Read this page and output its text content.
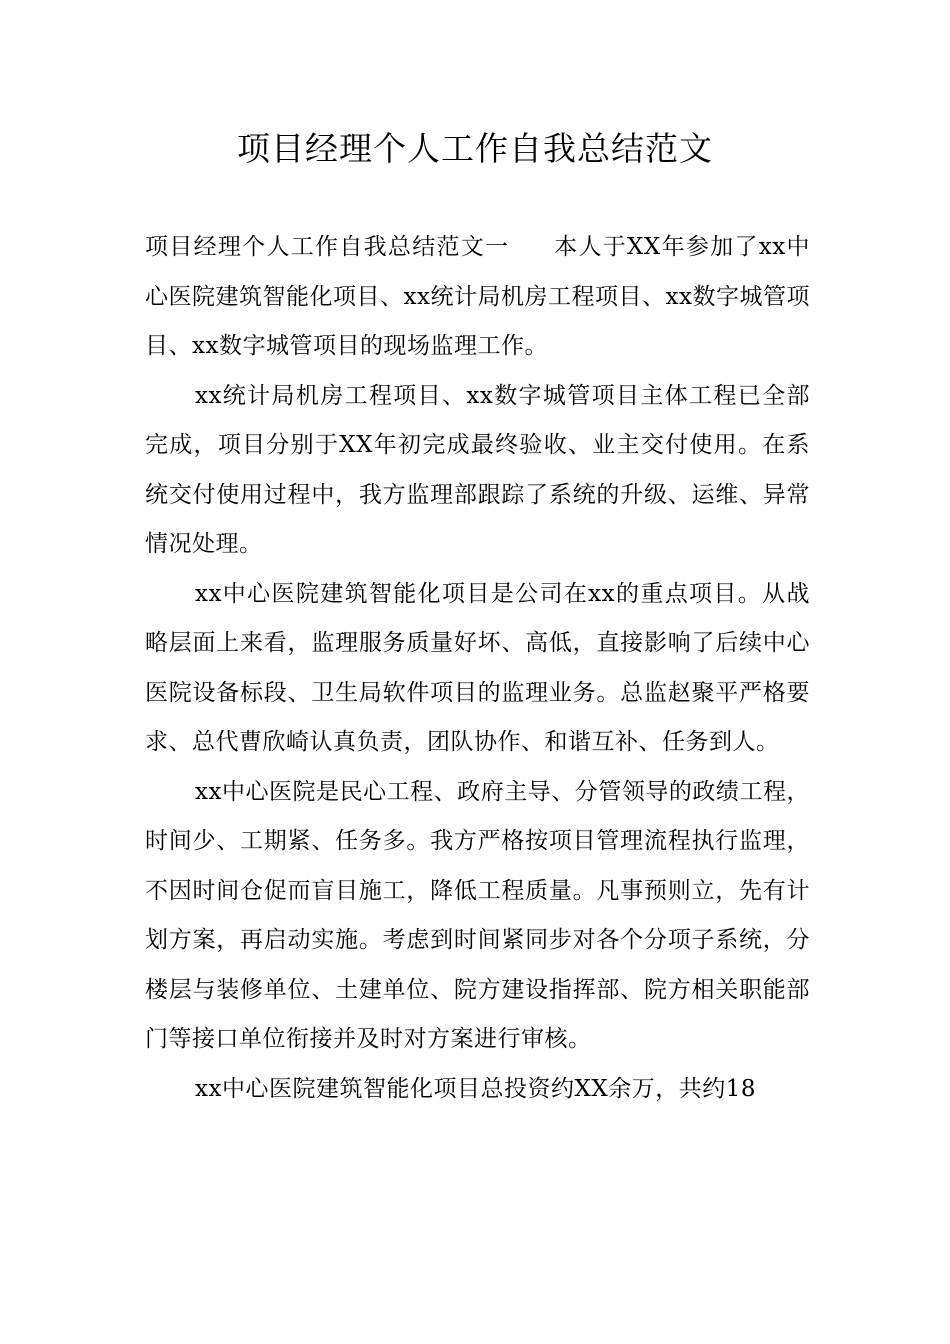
项目经理个人工作自我总结范文

项目经理个人工作自我总结范文一 本人于XX年参加了xx中心医院建筑智能化项目、xx统计局机房工程项目、xx数字城管项目、xx数字城管项目的现场监理工作。

xx统计局机房工程项目、xx数字城管项目主体工程已全部完成，项目分别于XX年初完成最终验收、业主交付使用。在系统交付使用过程中，我方监理部跟踪了系统的升级、运维、异常情况处理。

xx中心医院建筑智能化项目是公司在xx的重点项目。从战略层面上来看，监理服务质量好坏、高低，直接影响了后续中心医院设备标段、卫生局软件项目的监理业务。总监赵聚平严格要求、总代曹欣崎认真负责，团队协作、和谐互补、任务到人。

xx中心医院是民心工程、政府主导、分管领导的政绩工程，时间少、工期紧、任务多。我方严格按项目管理流程执行监理，不因时间仓促而盲目施工，降低工程质量。凡事预则立，先有计划方案，再启动实施。考虑到时间紧同步对各个分项子系统，分楼层与装修单位、土建单位、院方建设指挥部、院方相关职能部门等接口单位衔接并及时对方案进行审核。

xx中心医院建筑智能化项目总投资约XX余万，共约18
